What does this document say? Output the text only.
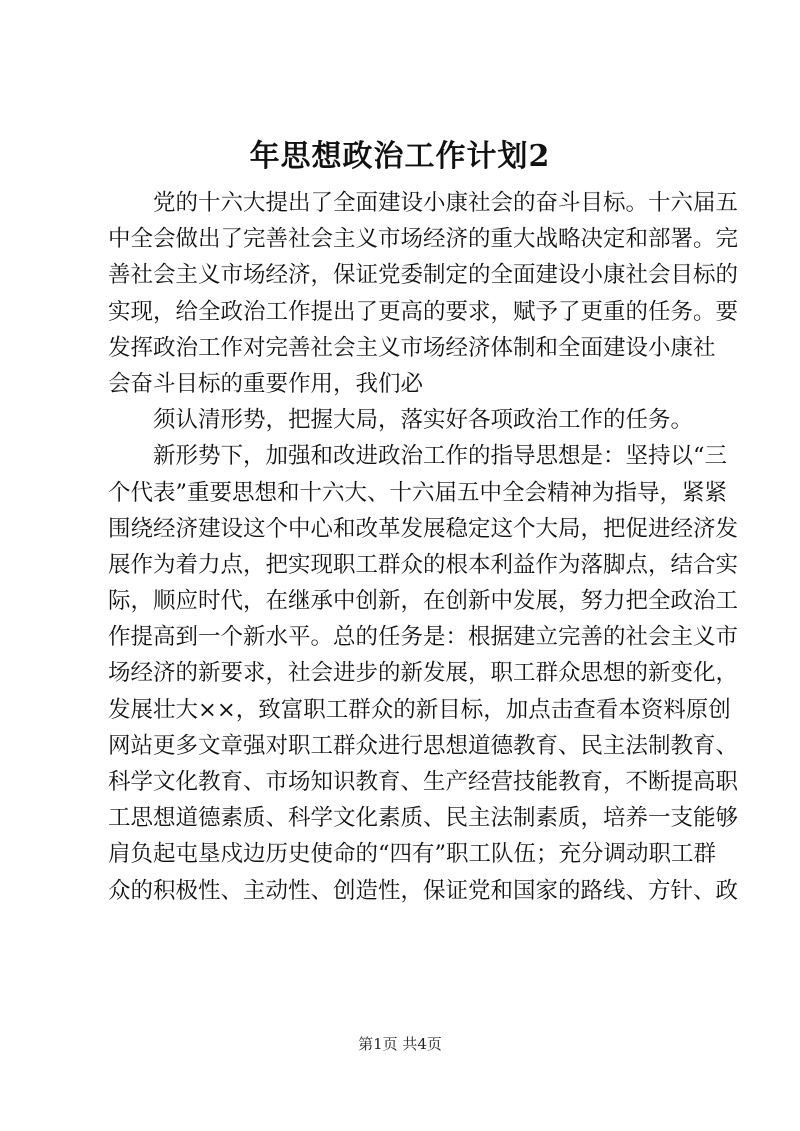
年思想政治工作计划2
党的十六大提出了全面建设小康社会的奋斗目标。十六届五
中全会做出了完善社会主义市场经济的重大战略决定和部署。完
善社会主义市场经济，保证党委制定的全面建设小康社会目标的
实现，给全政治工作提出了更高的要求，赋予了更重的任务。要
发挥政治工作对完善社会主义市场经济体制和全面建设小康社
会奋斗目标的重要作用，我们必
须认清形势，把握大局，落实好各项政治工作的任务。
新形势下，加强和改进政治工作的指导思想是：坚持以“三
个代表”重要思想和十六大、十六届五中全会精神为指导，紧紧
围绕经济建设这个中心和改革发展稳定这个大局，把促进经济发
展作为着力点，把实现职工群众的根本利益作为落脚点，结合实
际，顺应时代，在继承中创新，在创新中发展，努力把全政治工
作提高到一个新水平。总的任务是：根据建立完善的社会主义市
场经济的新要求，社会进步的新发展，职工群众思想的新变化，
发展壮大××，致富职工群众的新目标，加点击查看本资料原创
网站更多文章强对职工群众进行思想道德教育、民主法制教育、
科学文化教育、市场知识教育、生产经营技能教育，不断提高职
工思想道德素质、科学文化素质、民主法制素质，培养一支能够
肩负起屯垦戍边历史使命的“四有”职工队伍；充分调动职工群
众的积极性、主动性、创造性，保证党和国家的路线、方针、政
第1页 共4页
